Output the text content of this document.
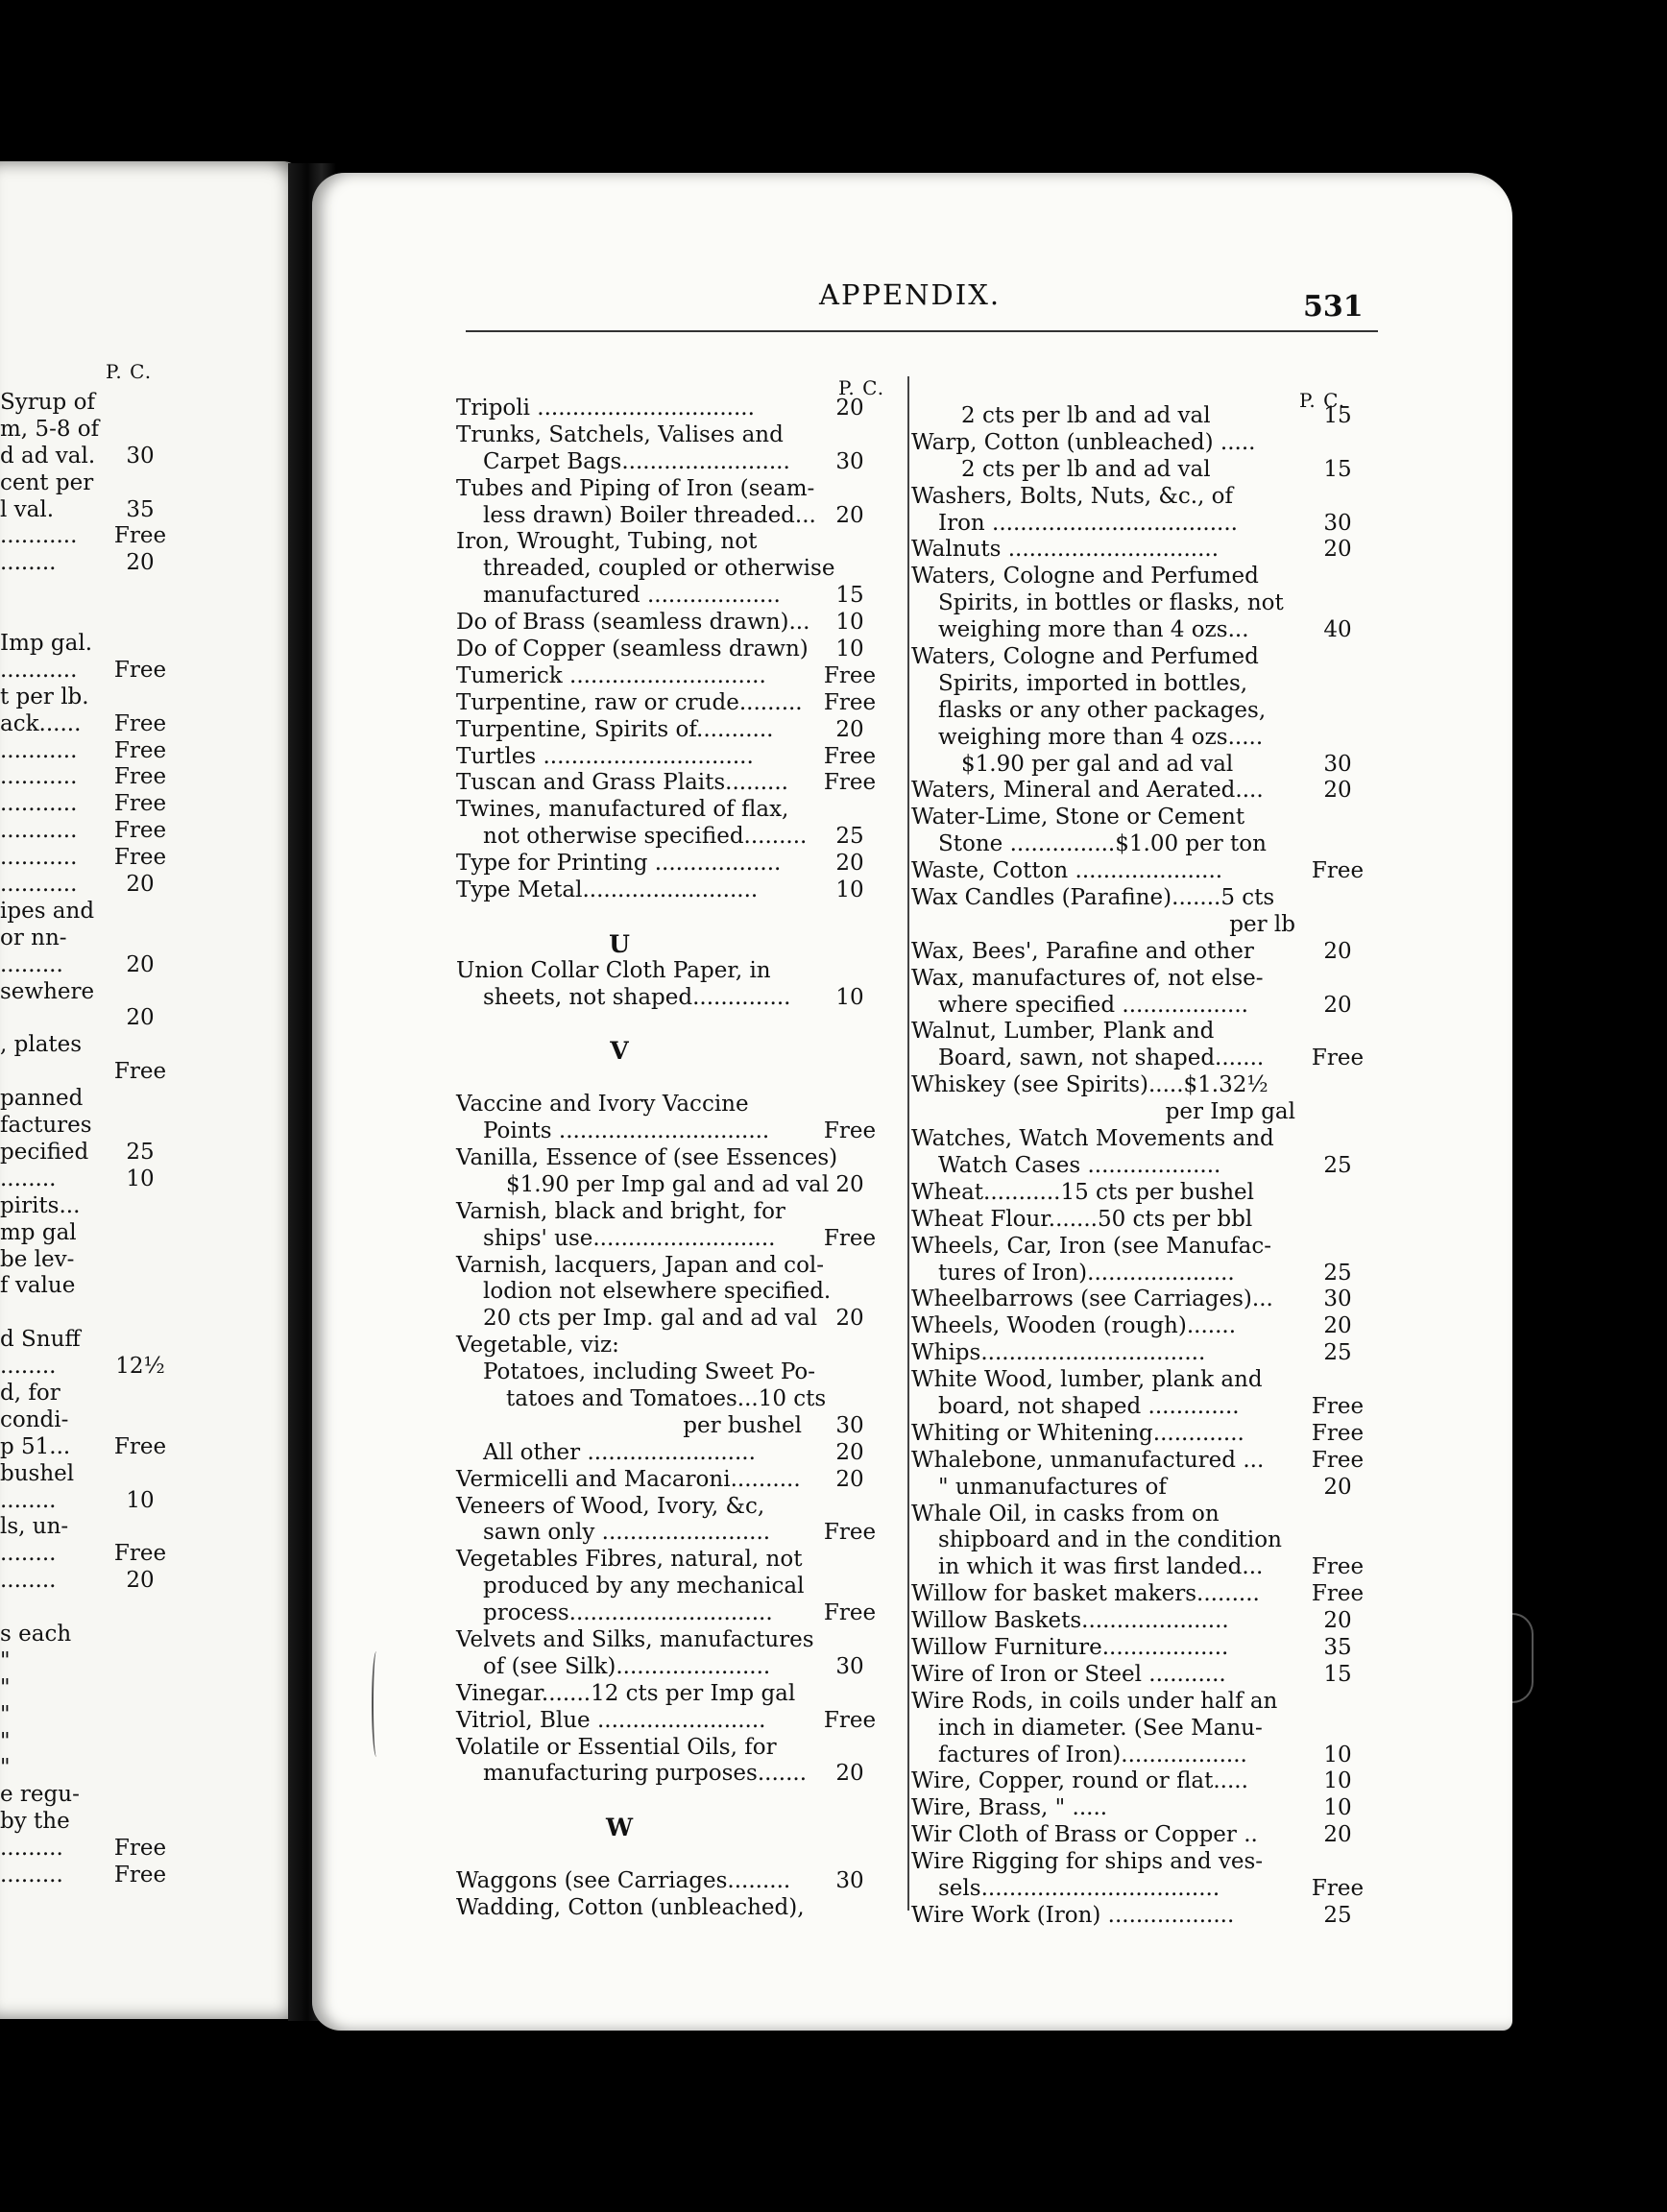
P. C.
Syrup of
m, 5-8 of
d ad val.	30
cent per
l val.	35
...........	Free
........	20
Imp gal.
...........	Free
t per lb.
ack......	Free
...........	Free
...........	Free
...........	Free
...........	Free
...........	Free
...........	20
ipes and
or nn-
.........	20
sewhere
20
, plates
Free
panned
factures
pecified	25
........	10
pirits...
mp gal
be lev-
f value
d Snuff
........	12½
d, for
condi-
p 51...	Free
bushel
........	10
ls, un-
........	Free
........	20
s each
"
"
"
"
"
e regu-
by the
.........	Free
.........	Free
APPENDIX.	531
P. C.
P. C.
Tripoli ...............................	20
Trunks, Satchels, Valises and
Carpet Bags........................	30
Tubes and Piping of Iron (seam-
less drawn) Boiler threaded... 20
Iron, Wrought, Tubing, not
threaded, coupled or otherwise
manufactured ...................	15
Do of Brass (seamless drawn)...	10
Do of Copper (seamless drawn)	10
Tumerick ............................	Free
Turpentine, raw or crude......... Free
Turpentine, Spirits of...........	20
Turtles ..............................	Free
Tuscan and Grass Plaits.........	Free
Twines, manufactured of flax,
not otherwise specified.........	25
Type for Printing ..................	20
Type Metal.........................	10
U
Union Collar Cloth Paper, in
sheets, not shaped..............	10
V
Vaccine and Ivory Vaccine
Points ..............................	Free
Vanilla, Essence of (see Essences)
$1.90 per Imp gal and ad val 20
Varnish, black and bright, for
ships' use..........................	Free
Varnish, lacquers, Japan and col-
lodion not elsewhere specified.
20 cts per Imp. gal and ad val 20
Vegetable, viz:
Potatoes, including Sweet Po-
tatoes and Tomatoes...10 cts
per bushel	30
All other ........................	20
Vermicelli and Macaroni..........	20
Veneers of Wood, Ivory, &c,
sawn only ........................	Free
Vegetables Fibres, natural, not
produced by any mechanical
process.............................	Free
Velvets and Silks, manufactures
of (see Silk)......................	30
Vinegar.......12 cts per Imp gal
Vitriol, Blue ........................	Free
Volatile or Essential Oils, for
manufacturing purposes.......	20
W
Waggons (see Carriages.........	30
Wadding, Cotton (unbleached),
2 cts per lb and ad val	15
Warp, Cotton (unbleached) .....
2 cts per lb and ad val	15
Washers, Bolts, Nuts, &c., of
Iron ...................................	30
Walnuts ..............................	20
Waters, Cologne and Perfumed
Spirits, in bottles or flasks, not
weighing more than 4 ozs...	40
Waters, Cologne and Perfumed
Spirits, imported in bottles,
flasks or any other packages,
weighing more than 4 ozs.....
$1.90 per gal and ad val	30
Waters, Mineral and Aerated....	20
Water-Lime, Stone or Cement
Stone ...............$1.00 per ton
Waste, Cotton .....................	Free
Wax Candles (Parafine).......5 cts
per lb
Wax, Bees', Parafine and other	20
Wax, manufactures of, not else-
where specified ..................	20
Walnut, Lumber, Plank and
Board, sawn, not shaped.......	Free
Whiskey (see Spirits).....$1.32½
per Imp gal
Watches, Watch Movements and
Watch Cases ...................	25
Wheat...........15 cts per bushel
Wheat Flour.......50 cts per bbl
Wheels, Car, Iron (see Manufac-
tures of Iron).....................	25
Wheelbarrows (see Carriages)...	30
Wheels, Wooden (rough).......	20
Whips................................	25
White Wood, lumber, plank and
board, not shaped .............	Free
Whiting or Whitening.............	Free
Whalebone, unmanufactured ...	Free
" unmanufactures of	20
Whale Oil, in casks from on
shipboard and in the condition
in which it was first landed...	Free
Willow for basket makers.........	Free
Willow Baskets.....................	20
Willow Furniture..................	35
Wire of Iron or Steel ...........	15
Wire Rods, in coils under half an
inch in diameter. (See Manu-
factures of Iron)..................	10
Wire, Copper, round or flat.....	10
Wire, Brass, " .....	10
Wir Cloth of Brass or Copper ..	20
Wire Rigging for ships and ves-
sels..................................	Free
Wire Work (Iron) ..................	25
